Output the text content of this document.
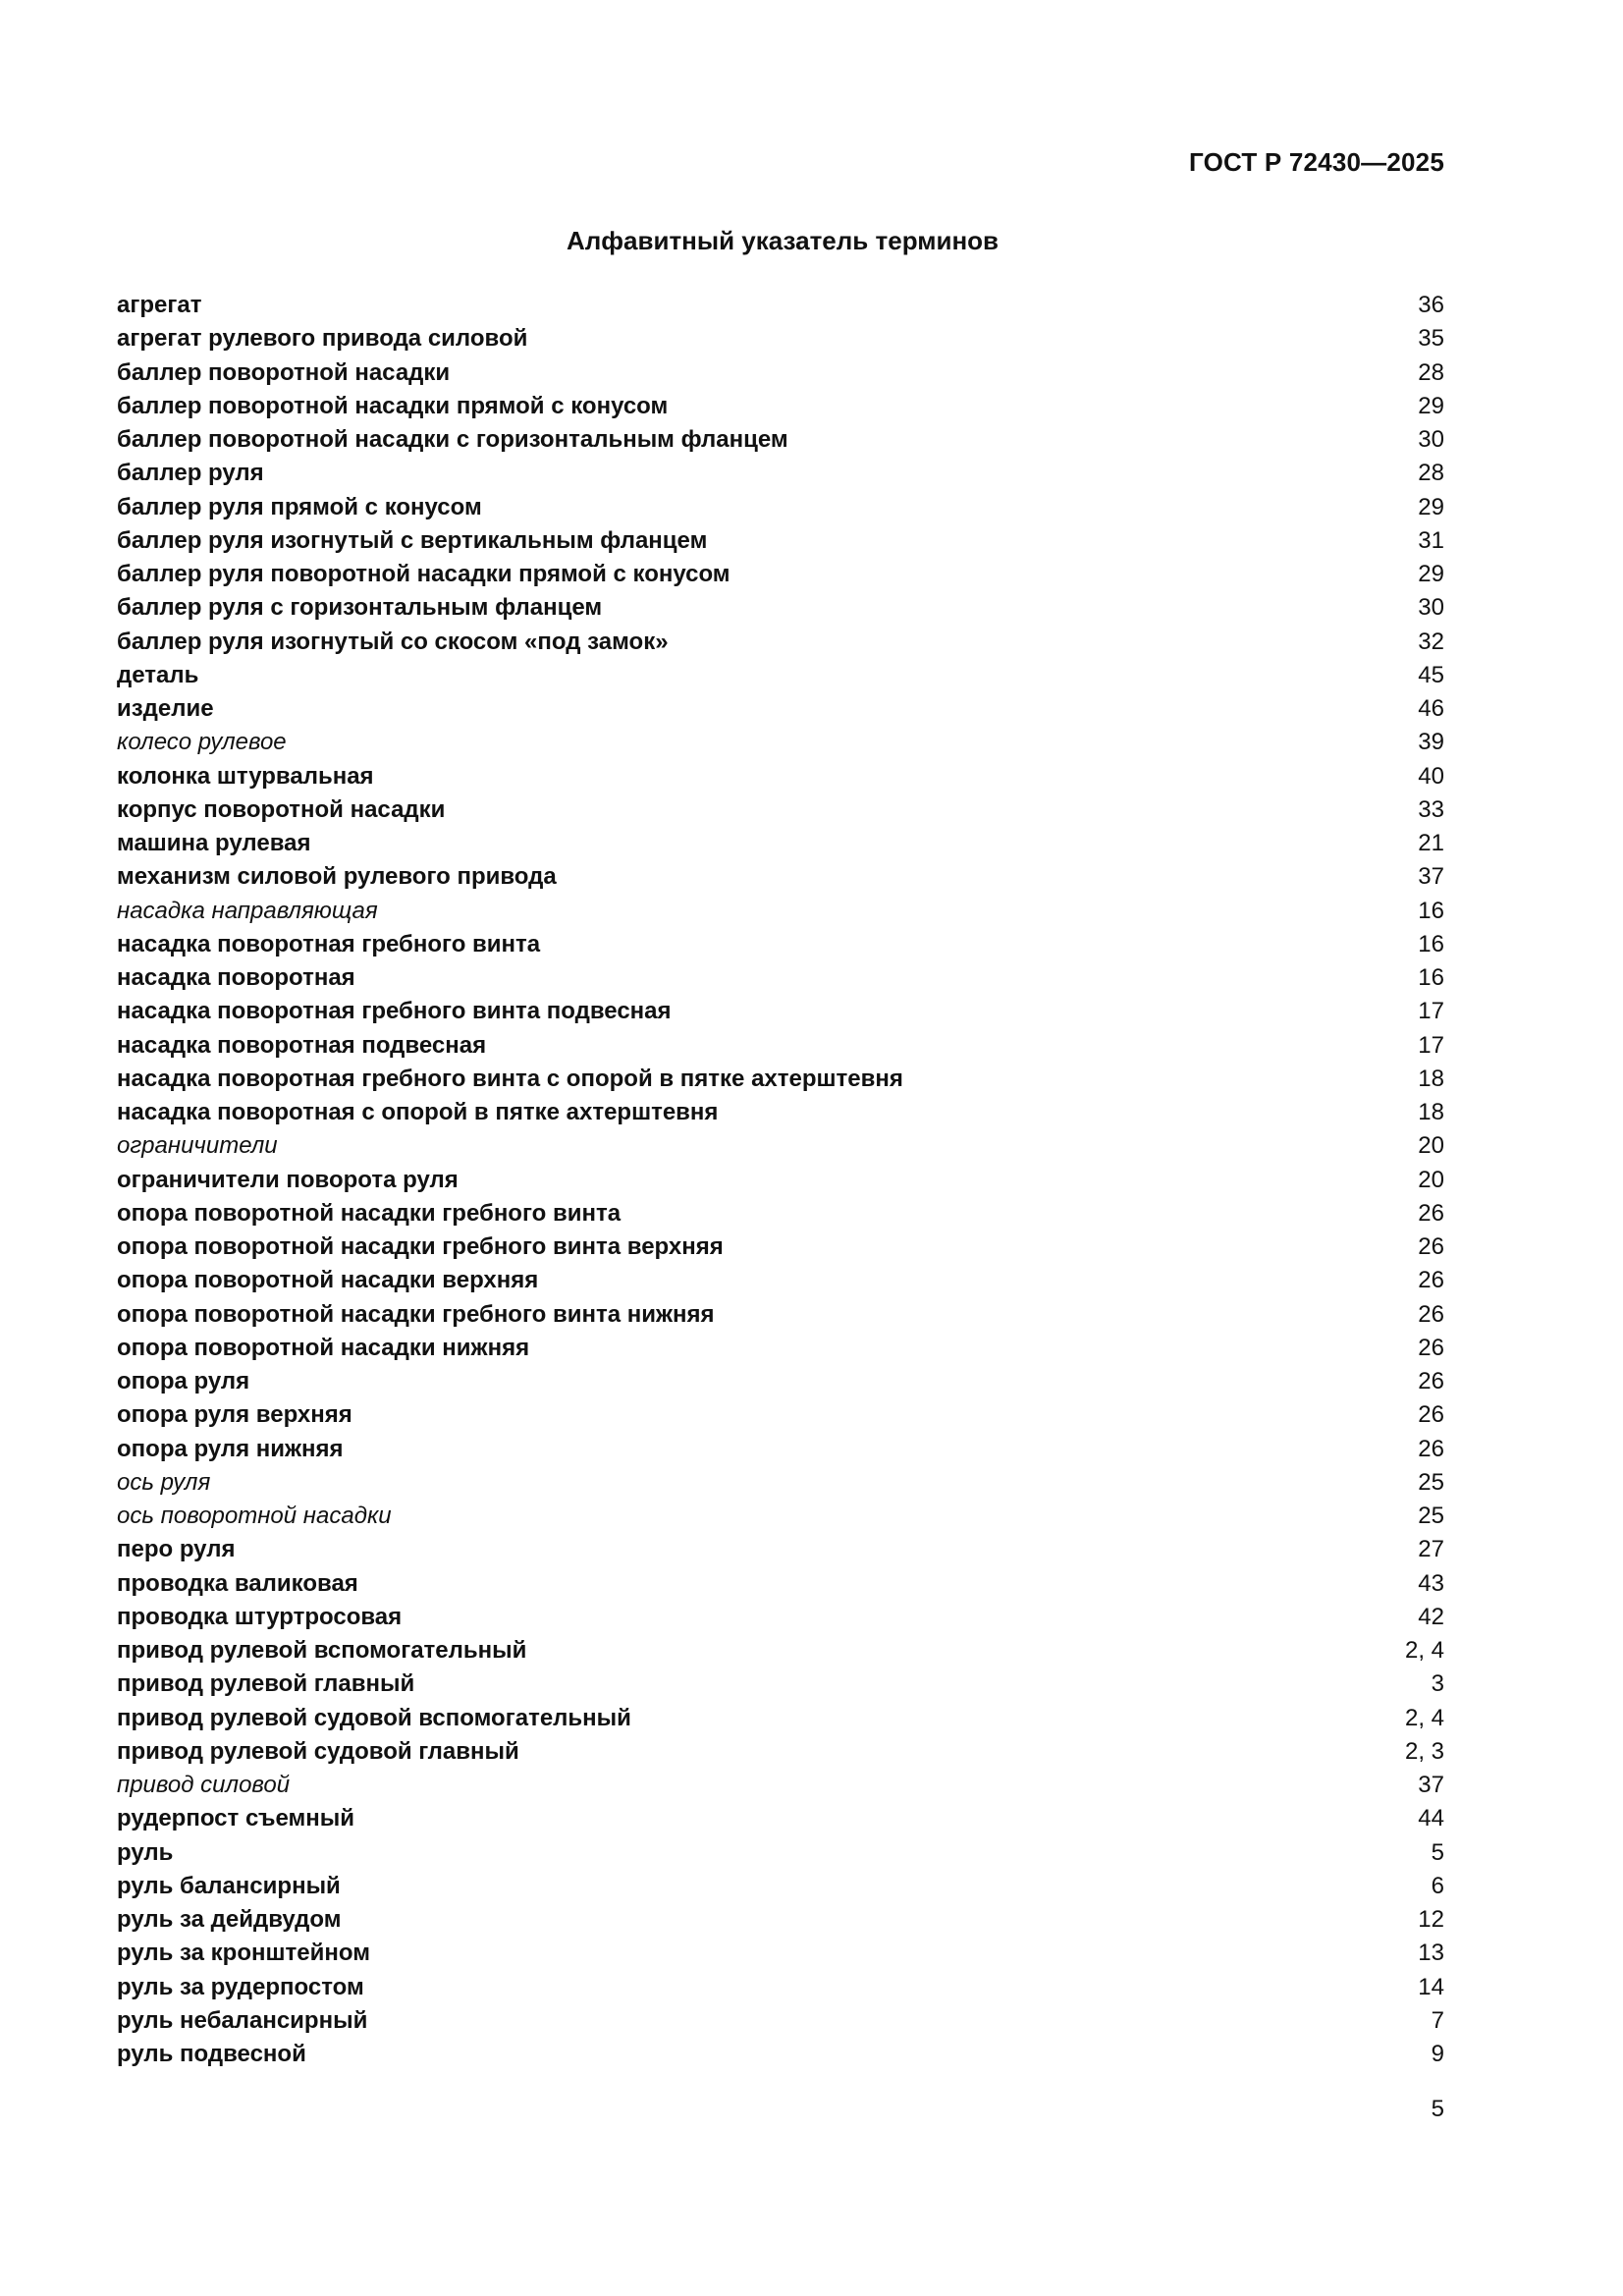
ГОСТ Р 72430—2025
Алфавитный указатель терминов
агрегат	36
агрегат рулевого привода силовой	35
баллер поворотной насадки	28
баллер поворотной насадки прямой с конусом	29
баллер поворотной насадки с горизонтальным фланцем	30
баллер руля	28
баллер руля прямой с конусом	29
баллер руля изогнутый с вертикальным фланцем	31
баллер руля поворотной насадки прямой с конусом	29
баллер руля с горизонтальным фланцем	30
баллер руля изогнутый со скосом «под замок»	32
деталь	45
изделие	46
колесо рулевое	39
колонка штурвальная	40
корпус поворотной насадки	33
машина рулевая	21
механизм силовой рулевого привода	37
насадка направляющая	16
насадка поворотная гребного винта	16
насадка поворотная	16
насадка поворотная гребного винта подвесная	17
насадка поворотная подвесная	17
насадка поворотная гребного винта с опорой в пятке ахтерштевня	18
насадка поворотная с опорой в пятке ахтерштевня	18
ограничители	20
ограничители поворота руля	20
опора поворотной насадки гребного винта	26
опора поворотной насадки гребного винта верхняя	26
опора поворотной насадки верхняя	26
опора поворотной насадки гребного винта нижняя	26
опора поворотной насадки нижняя	26
опора руля	26
опора руля верхняя	26
опора руля нижняя	26
ось руля	25
ось поворотной насадки	25
перо руля	27
проводка валиковая	43
проводка штуртросовая	42
привод рулевой вспомогательный	2, 4
привод рулевой главный	3
привод рулевой судовой вспомогательный	2, 4
привод рулевой судовой главный	2, 3
привод силовой	37
рудерпост съемный	44
руль	5
руль балансирный	6
руль за дейдвудом	12
руль за кронштейном	13
руль за рудерпостом	14
руль небалансирный	7
руль подвесной	9
5
